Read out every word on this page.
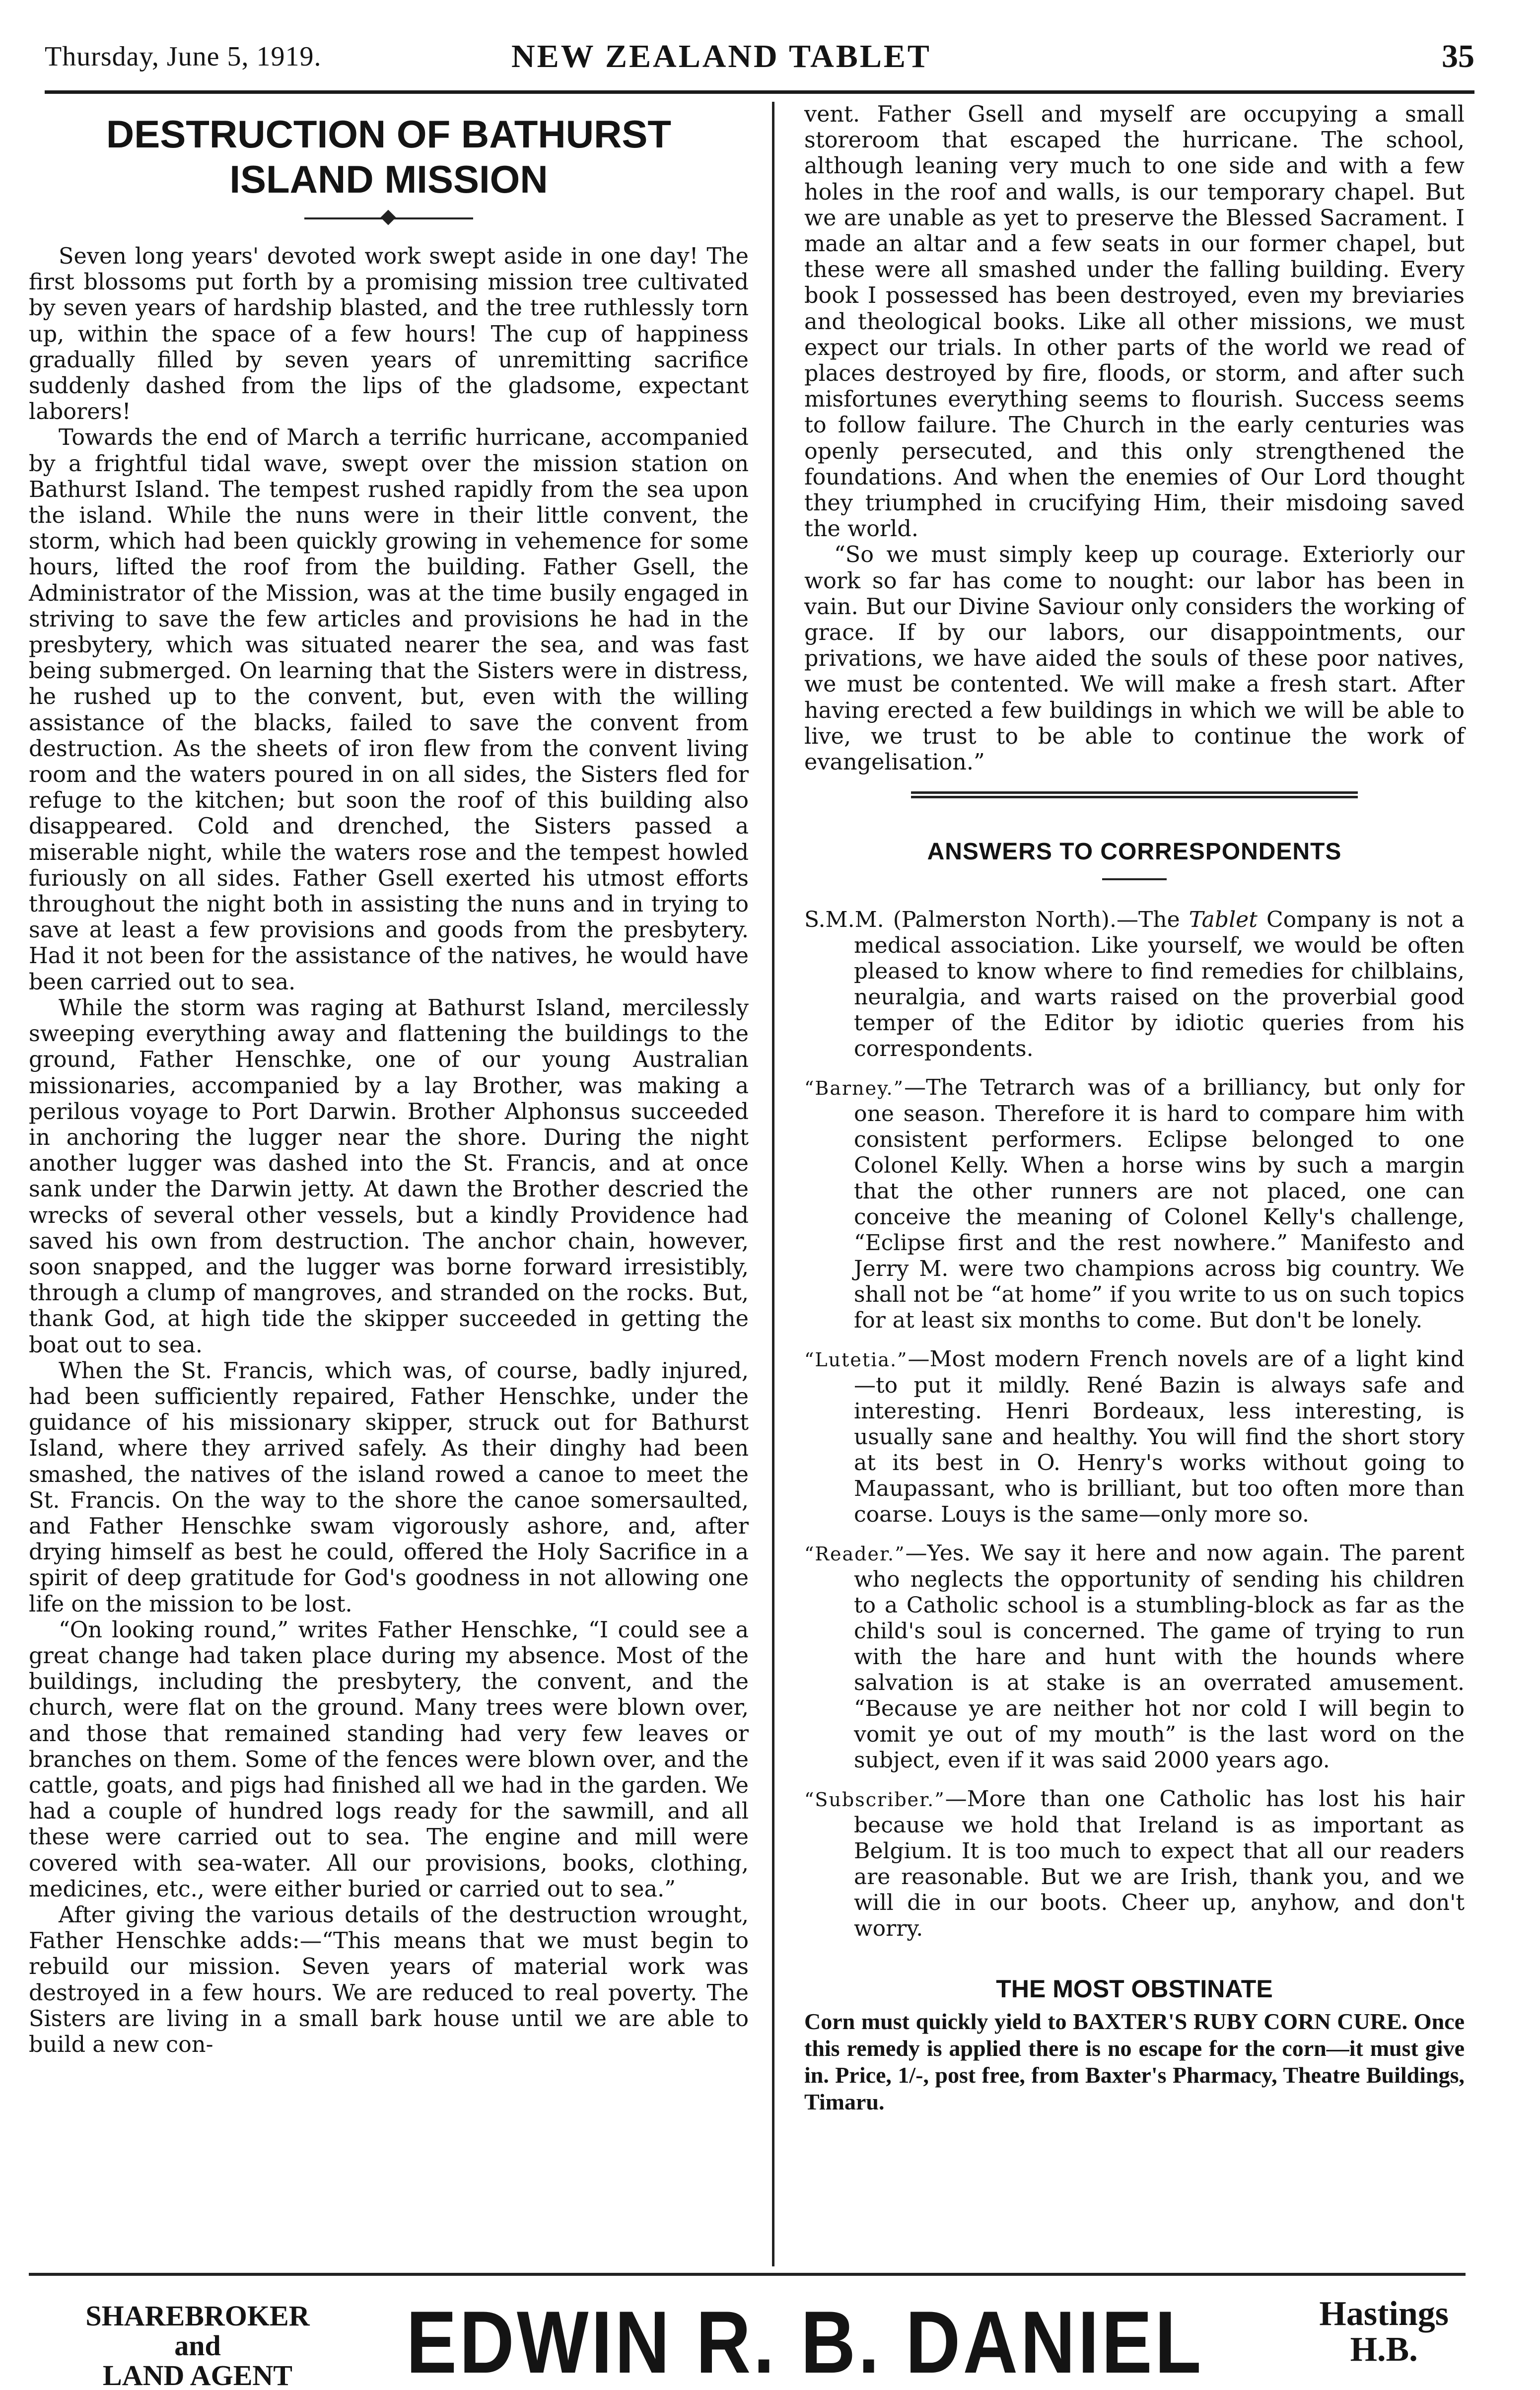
Thursday, June 5, 1919.	NEW ZEALAND TABLET	35
DESTRUCTION OF BATHURST ISLAND MISSION

Seven long years' devoted work swept aside in one day! The first blossoms put forth by a promising mission tree cultivated by seven years of hardship blasted, and the tree ruthlessly torn up, within the space of a few hours! The cup of happiness gradually filled by seven years of unremitting sacrifice suddenly dashed from the lips of the gladsome, expectant laborers!

Towards the end of March a terrific hurricane, accompanied by a frightful tidal wave, swept over the mission station on Bathurst Island. The tempest rushed rapidly from the sea upon the island. While the nuns were in their little convent, the storm, which had been quickly growing in vehemence for some hours, lifted the roof from the building. Father Gsell, the Administrator of the Mission, was at the time busily engaged in striving to save the few articles and provisions he had in the presbytery, which was situated nearer the sea, and was fast being submerged. On learning that the Sisters were in distress, he rushed up to the convent, but, even with the willing assistance of the blacks, failed to save the convent from destruction. As the sheets of iron flew from the convent living room and the waters poured in on all sides, the Sisters fled for refuge to the kitchen; but soon the roof of this building also disappeared. Cold and drenched, the Sisters passed a miserable night, while the waters rose and the tempest howled furiously on all sides. Father Gsell exerted his utmost efforts throughout the night both in assisting the nuns and in trying to save at least a few provisions and goods from the presbytery. Had it not been for the assistance of the natives, he would have been carried out to sea.

While the storm was raging at Bathurst Island, mercilessly sweeping everything away and flattening the buildings to the ground, Father Henschke, one of our young Australian missionaries, accompanied by a lay Brother, was making a perilous voyage to Port Darwin. Brother Alphonsus succeeded in anchoring the lugger near the shore. During the night another lugger was dashed into the St. Francis, and at once sank under the Darwin jetty. At dawn the Brother descried the wrecks of several other vessels, but a kindly Providence had saved his own from destruction. The anchor chain, however, soon snapped, and the lugger was borne forward irresistibly, through a clump of mangroves, and stranded on the rocks. But, thank God, at high tide the skipper succeeded in getting the boat out to sea.

When the St. Francis, which was, of course, badly injured, had been sufficiently repaired, Father Henschke, under the guidance of his missionary skipper, struck out for Bathurst Island, where they arrived safely. As their dinghy had been smashed, the natives of the island rowed a canoe to meet the St. Francis. On the way to the shore the canoe somersaulted, and Father Henschke swam vigorously ashore, and, after drying himself as best he could, offered the Holy Sacrifice in a spirit of deep gratitude for God's goodness in not allowing one life on the mission to be lost.

“On looking round,” writes Father Henschke, “I could see a great change had taken place during my absence. Most of the buildings, including the presbytery, the convent, and the church, were flat on the ground. Many trees were blown over, and those that remained standing had very few leaves or branches on them. Some of the fences were blown over, and the cattle, goats, and pigs had finished all we had in the garden. We had a couple of hundred logs ready for the sawmill, and all these were carried out to sea. The engine and mill were covered with sea-water. All our provisions, books, clothing, medicines, etc., were either buried or carried out to sea.”

After giving the various details of the destruction wrought, Father Henschke adds:—“This means that we must begin to rebuild our mission. Seven years of material work was destroyed in a few hours. We are reduced to real poverty. The Sisters are living in a small bark house until we are able to build a new con-

vent. Father Gsell and myself are occupying a small storeroom that escaped the hurricane. The school, although leaning very much to one side and with a few holes in the roof and walls, is our temporary chapel. But we are unable as yet to preserve the Blessed Sacrament. I made an altar and a few seats in our former chapel, but these were all smashed under the falling building. Every book I possessed has been destroyed, even my breviaries and theological books. Like all other missions, we must expect our trials. In other parts of the world we read of places destroyed by fire, floods, or storm, and after such misfortunes everything seems to flourish. Success seems to follow failure. The Church in the early centuries was openly persecuted, and this only strengthened the foundations. And when the enemies of Our Lord thought they triumphed in crucifying Him, their misdoing saved the world.

“So we must simply keep up courage. Exteriorly our work so far has come to nought: our labor has been in vain. But our Divine Saviour only considers the working of grace. If by our labors, our disappointments, our privations, we have aided the souls of these poor natives, we must be contented. We will make a fresh start. After having erected a few buildings in which we will be able to live, we trust to be able to continue the work of evangelisation.”

ANSWERS TO CORRESPONDENTS

S.M.M. (Palmerston North).—The Tablet Company is not a medical association. Like yourself, we would be often pleased to know where to find remedies for chilblains, neuralgia, and warts raised on the proverbial good temper of the Editor by idiotic queries from his correspondents.

“Barney.”—The Tetrarch was of a brilliancy, but only for one season. Therefore it is hard to compare him with consistent performers. Eclipse belonged to one Colonel Kelly. When a horse wins by such a margin that the other runners are not placed, one can conceive the meaning of Colonel Kelly's challenge, “Eclipse first and the rest nowhere.” Manifesto and Jerry M. were two champions across big country. We shall not be “at home” if you write to us on such topics for at least six months to come. But don't be lonely.

“Lutetia.”—Most modern French novels are of a light kind—to put it mildly. René Bazin is always safe and interesting. Henri Bordeaux, less interesting, is usually sane and healthy. You will find the short story at its best in O. Henry's works without going to Maupassant, who is brilliant, but too often more than coarse. Louys is the same—only more so.

“Reader.”—Yes. We say it here and now again. The parent who neglects the opportunity of sending his children to a Catholic school is a stumbling-block as far as the child's soul is concerned. The game of trying to run with the hare and hunt with the hounds where salvation is at stake is an overrated amusement. “Because ye are neither hot nor cold I will begin to vomit ye out of my mouth” is the last word on the subject, even if it was said 2000 years ago.

“Subscriber.”—More than one Catholic has lost his hair because we hold that Ireland is as important as Belgium. It is too much to expect that all our readers are reasonable. But we are Irish, thank you, and we will die in our boots. Cheer up, anyhow, and don't worry.

THE MOST OBSTINATE

Corn must quickly yield to BAXTER'S RUBY CORN CURE. Once this remedy is applied there is no escape for the corn—it must give in. Price, 1/-, post free, from Baxter's Pharmacy, Theatre Buildings, Timaru.

SHAREBROKER
and
LAND AGENT	EDWIN R. B. DANIEL	Hastings
H.B.
